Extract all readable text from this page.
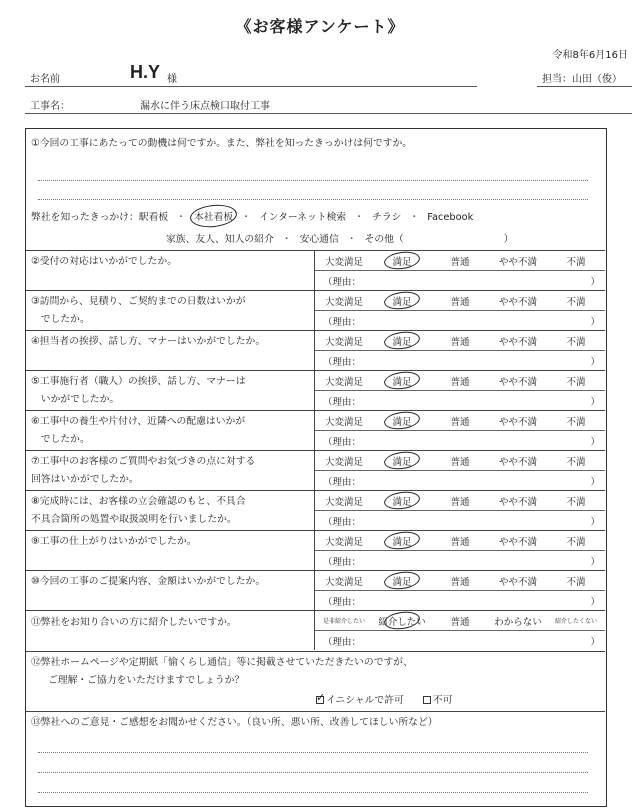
《お客様アンケート》
令和8年6月16日
お名前	H.Y 様	担当：山田（俊）
工事名：	漏水に伴う床点検口取付工事
①今回の工事にあたっての動機は何ですか。また、弊社を知ったきっかけは何ですか。
弊社を知ったきっかけ：駅看板 ・ 本社看板 ・ インターネット検索 ・ チラシ ・ Facebook
家族、友人、知人の紹介 ・ 安心通信 ・ その他（	）
②受付の対応はいかがでしたか。	大変満足	満足	普通	やや不満	不満
（理由：	）
③訪問から、見積り、ご契約までの日数はいかが
　でしたか。
大変満足	満足	普通	やや不満	不満
（理由：	）
④担当者の挨拶、話し方、マナーはいかがでしたか。	大変満足	満足	普通	やや不満	不満
（理由：	）
⑤工事施行者（職人）の挨拶、話し方、マナーは
　いかがでしたか。
大変満足	満足	普通	やや不満	不満
（理由：	）
⑥工事中の養生や片付け、近隣への配慮はいかが
　でしたか。
大変満足	満足	普通	やや不満	不満
（理由：	）
⑦工事中のお客様のご質問やお気づきの点に対する
回答はいかがでしたか。
大変満足	満足	普通	やや不満	不満
（理由：	）
⑧完成時には、お客様の立会確認のもと、不具合
不具合箇所の処置や取扱説明を行いましたか。
大変満足	満足	普通	やや不満	不満
（理由：	）
⑨工事の仕上がりはいかがでしたか。	大変満足	満足	普通	やや不満	不満
（理由：	）
⑩今回の工事のご提案内容、金額はいかがでしたか。	大変満足	満足	普通	やや不満	不満
（理由：	）
⑪弊社をお知り合いの方に紹介したいですか。	是非紹介したい	紹介したい	普通	わからない	紹介したくない
（理由：	）
⑫弊社ホームページや定期紙「愉くらし通信」等に掲載させていただきたいのですが、
ご理解・ご協力をいただけますでしょうか？
✓イニシャルで許可	不可
⑬弊社へのご意見・ご感想をお聞かせください。（良い所、悪い所、改善してほしい所など）
